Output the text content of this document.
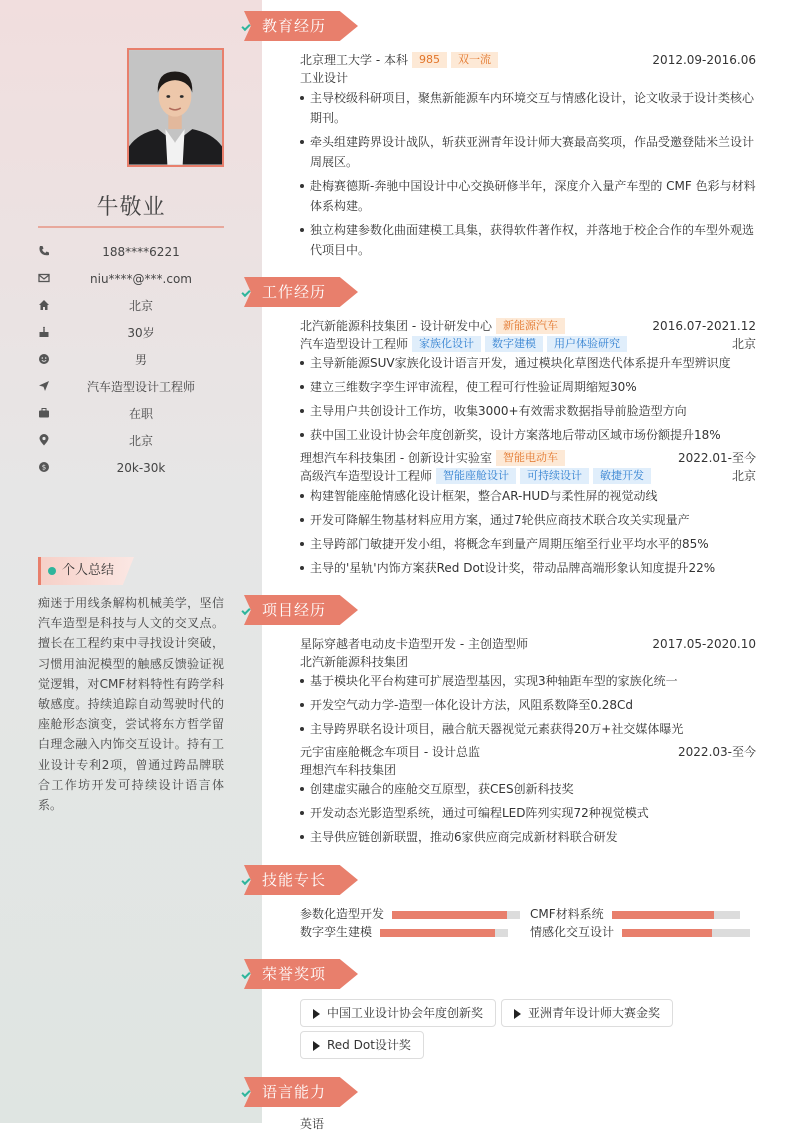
牛敬业
188****6221
niu****@***.com
北京
30岁
男
汽车造型设计工程师
在职
北京
$	20k-30k
个人总结
痴迷于用线条解构机械美学，坚信汽车造型是科技与人文的交叉点。擅长在工程约束中寻找设计突破，习惯用油泥模型的触感反馈验证视觉逻辑，对CMF材料特性有跨学科敏感度。持续追踪自动驾驶时代的座舱形态演变，尝试将东方哲学留白理念融入内饰交互设计。持有工业设计专利2项，曾通过跨品牌联合工作坊开发可持续设计语言体系。
教育经历
北京理工大学 - 本科 985 双一流	2012.09-2016.06
工业设计
主导校级科研项目，聚焦新能源车内环境交互与情感化设计，论文收录于设计类核心期刊。
牵头组建跨界设计战队，斩获亚洲青年设计师大赛最高奖项，作品受邀登陆米兰设计周展区。
赴梅赛德斯-奔驰中国设计中心交换研修半年，深度介入量产车型的 CMF 色彩与材料体系构建。
独立构建参数化曲面建模工具集，获得软件著作权，并落地于校企合作的车型外观选代项目中。
工作经历
北汽新能源科技集团 - 设计研发中心 新能源汽车	2016.07-2021.12
汽车造型设计工程师 家族化设计 数字建模 用户体验研究	北京
主导新能源SUV家族化设计语言开发，通过模块化草图迭代体系提升车型辨识度
建立三维数字孪生评审流程，使工程可行性验证周期缩短30%
主导用户共创设计工作坊，收集3000+有效需求数据指导前脸造型方向
获中国工业设计协会年度创新奖，设计方案落地后带动区域市场份额提升18%
理想汽车科技集团 - 创新设计实验室 智能电动车	2022.01-至今
高级汽车造型设计工程师 智能座舱设计 可持续设计 敏捷开发	北京
构建智能座舱情感化设计框架，整合AR-HUD与柔性屏的视觉动线
开发可降解生物基材料应用方案，通过7轮供应商技术联合攻关实现量产
主导跨部门敏捷开发小组，将概念车到量产周期压缩至行业平均水平的85%
主导的'星轨'内饰方案获Red Dot设计奖，带动品牌高端形象认知度提升22%
项目经历
星际穿越者电动皮卡造型开发 - 主创造型师	2017.05-2020.10
北汽新能源科技集团
基于模块化平台构建可扩展造型基因，实现3种轴距车型的家族化统一
开发空气动力学-造型一体化设计方法，风阻系数降至0.28Cd
主导跨界联名设计项目，融合航天器视觉元素获得20万+社交媒体曝光
元宇宙座舱概念车项目 - 设计总监	2022.03-至今
理想汽车科技集团
创建虚实融合的座舱交互原型，获CES创新科技奖
开发动态光影造型系统，通过可编程LED阵列实现72种视觉模式
主导供应链创新联盟，推动6家供应商完成新材料联合研发
技能专长
参数化造型开发	CMF材料系统
数字孪生建模	情感化交互设计
荣誉奖项
中国工业设计协会年度创新奖	亚洲青年设计师大赛金奖
Red Dot设计奖
语言能力
英语
